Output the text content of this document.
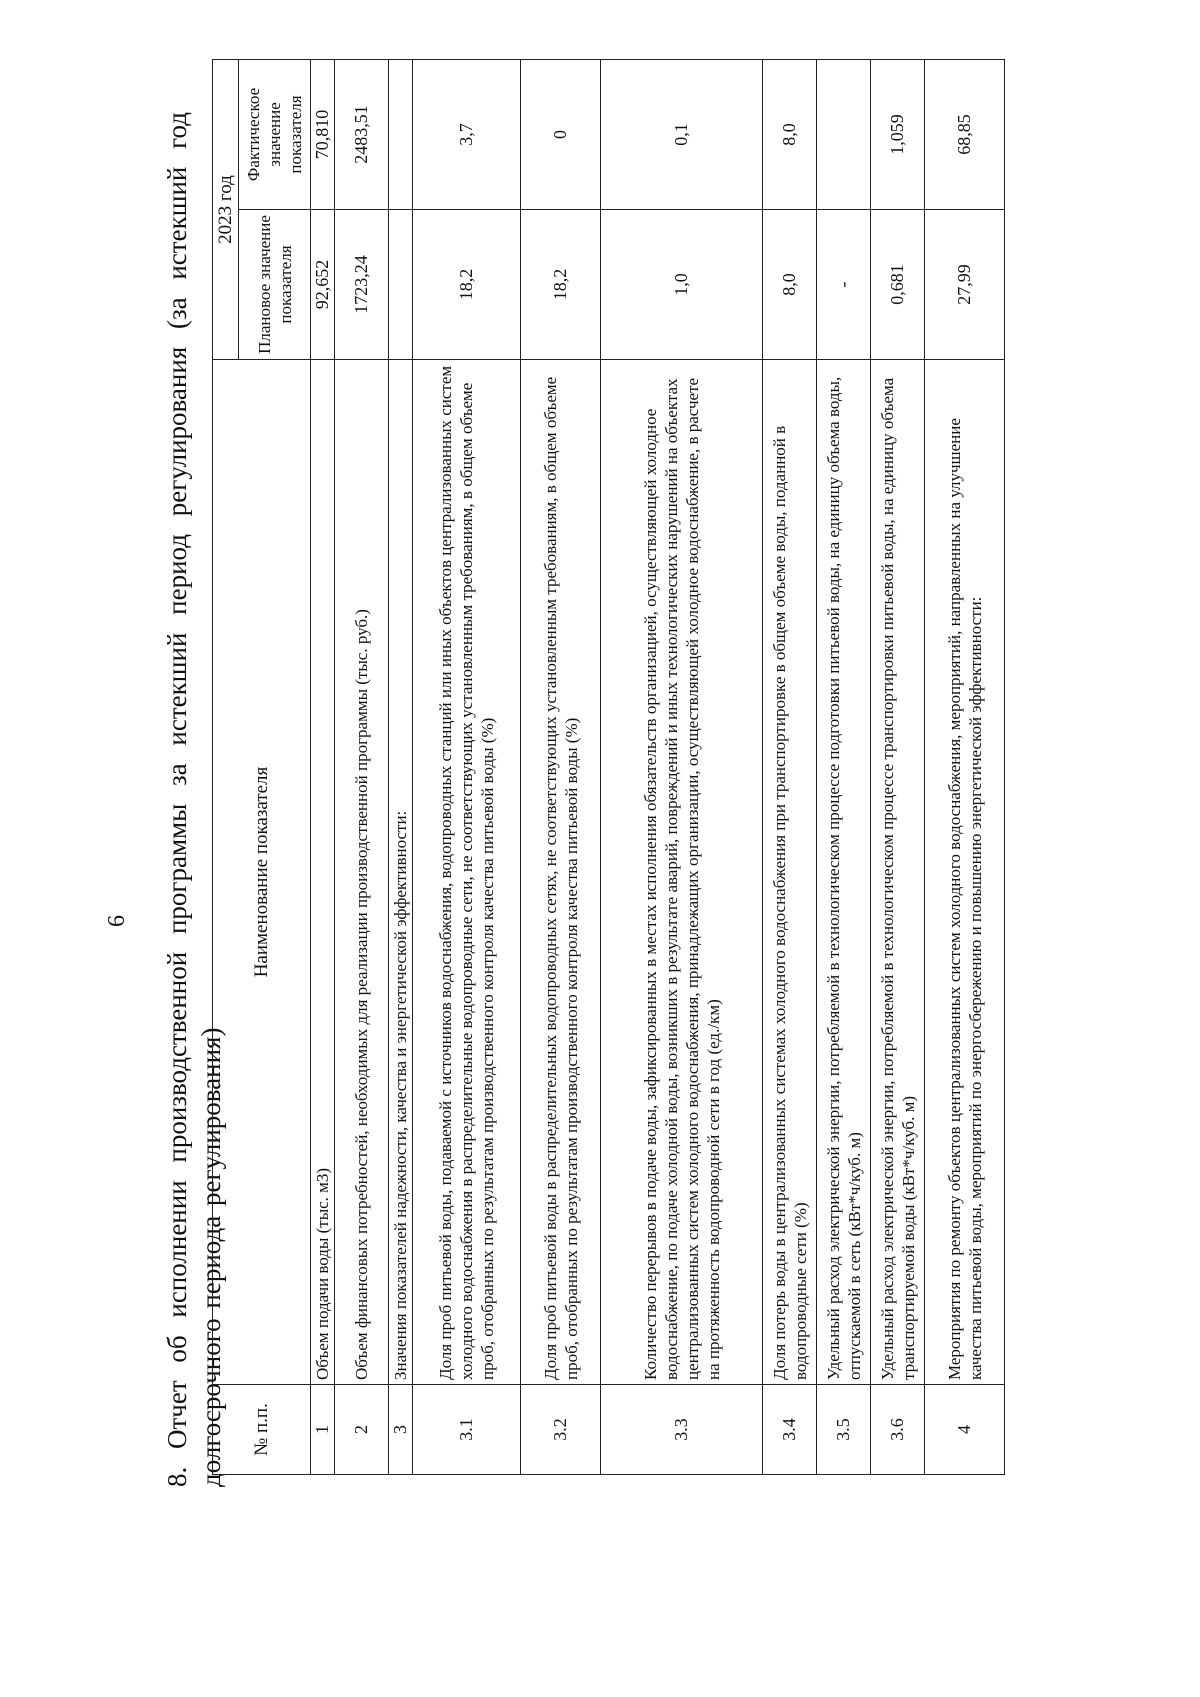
6 8. Отчет об исполнении производственной программы за истекший период регулирования (за истекший год долгосрочного периода регулирования) № п.п.	Наименование показателя	2023 год	
		Плановое значение показателя	Фактическое значение показателя
1	Объем подачи воды (тыс. м3)	92,652	70,810
2	Объем финансовых потребностей, необходимых для реализации производственной программы (тыс. руб.)	1723,24	2483,51
3	Значения показателей надежности, качества и энергетической эффективности:		
3.1	Доля проб питьевой воды, подаваемой с источников водоснабжения, водопроводных станций или иных объектов централизованных систем холодного водоснабжения в распределительные водопроводные сети, не соответствующих установленным требованиям, в общем объеме проб, отобранных по результатам производственного контроля качества питьевой воды (%)	18,2	3,7
3.2	Доля проб питьевой воды в распределительных водопроводных сетях, не соответствующих установленным требованиям, в общем объеме проб, отобранных по результатам производственного контроля качества питьевой воды (%)	18,2	0
3.3	Количество перерывов в подаче воды, зафиксированных в местах исполнения обязательств организацией, осуществляющей холодное водоснабжение, по подаче холодной воды, возникших в результате аварий, повреждений и иных технологических нарушений на объектах централизованных систем холодного водоснабжения, принадлежащих организации, осуществляющей холодное водоснабжение, в расчете на протяженность водопроводной сети в год (ед./км)	1,0	0,1
3.4	Доля потерь воды в централизованных системах холодного водоснабжения при транспортировке в общем объеме воды, поданной в водопроводные сети (%)	8,0	8,0
3.5	Удельный расход электрической энергии, потребляемой в технологическом процессе подготовки питьевой воды, на единицу объема воды, отпускаемой в сеть (кВт*ч/куб. м)	-	
3.6	Удельный расход электрической энергии, потребляемой в технологическом процессе транспортировки питьевой воды, на единицу объема транспортируемой воды (кВт*ч/куб. м)	0,681	1,059
4	Мероприятия по ремонту объектов централизованных систем холодного водоснабжения, мероприятий, направленных на улучшение качества питьевой воды, мероприятий по энергосбережению и повышению энергетической эффективности:	27,99	68,85
